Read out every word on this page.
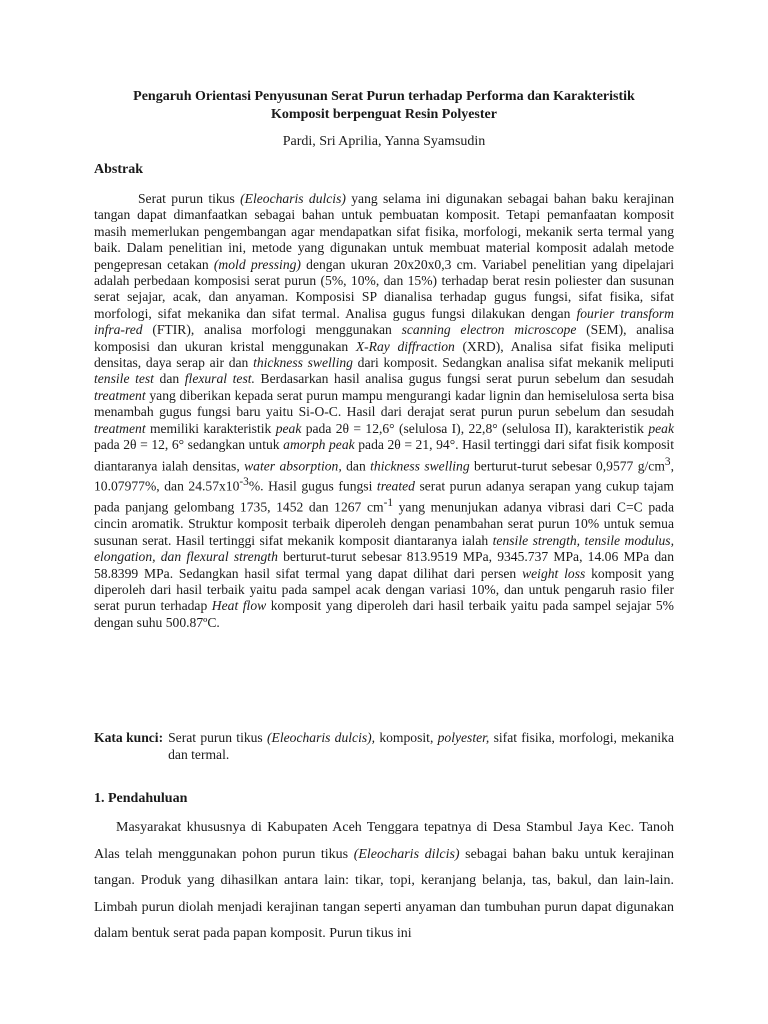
Pengaruh Orientasi Penyusunan Serat Purun terhadap Performa dan Karakteristik
Komposit berpenguat Resin Polyester

Pardi, Sri Aprilia, Yanna Syamsudin

Abstrak

Serat purun tikus (Eleocharis dulcis) yang selama ini digunakan sebagai bahan baku kerajinan tangan dapat dimanfaatkan sebagai bahan untuk pembuatan komposit. Tetapi pemanfaatan komposit masih memerlukan pengembangan agar mendapatkan sifat fisika, morfologi, mekanik serta termal yang baik. Dalam penelitian ini, metode yang digunakan untuk membuat material komposit adalah metode pengepresan cetakan (mold pressing) dengan ukuran 20x20x0,3 cm. Variabel penelitian yang dipelajari adalah perbedaan komposisi serat purun (5%, 10%, dan 15%) terhadap berat resin poliester dan susunan serat sejajar, acak, dan anyaman. Komposisi SP dianalisa terhadap gugus fungsi, sifat fisika, sifat morfologi, sifat mekanika dan sifat termal. Analisa gugus fungsi dilakukan dengan fourier transform infra-red (FTIR), analisa morfologi menggunakan scanning electron microscope (SEM), analisa komposisi dan ukuran kristal menggunakan X-Ray diffraction (XRD), Analisa sifat fisika meliputi densitas, daya serap air dan thickness swelling dari komposit. Sedangkan analisa sifat mekanik meliputi tensile test dan flexural test. Berdasarkan hasil analisa gugus fungsi serat purun sebelum dan sesudah treatment yang diberikan kepada serat purun mampu mengurangi kadar lignin dan hemiselulosa serta bisa menambah gugus fungsi baru yaitu Si-O-C. Hasil dari derajat serat purun purun sebelum dan sesudah treatment memiliki karakteristik peak pada 2θ = 12,6° (selulosa I), 22,8° (selulosa II), karakteristik peak pada 2θ = 12, 6° sedangkan untuk amorph peak pada 2θ = 21, 94°. Hasil tertinggi dari sifat fisik komposit diantaranya ialah densitas, water absorption, dan thickness swelling berturut-turut sebesar 0,9577 $g/cm^3$, 10.07977%, dan $24.57x10^{-3}\%$. Hasil gugus fungsi treated serat purun adanya serapan yang cukup tajam pada panjang gelombang 1735, 1452 dan 1267 $cm^{-1}$ yang menunjukan adanya vibrasi dari C=C pada cincin aromatik. Struktur komposit terbaik diperoleh dengan penambahan serat purun 10% untuk semua susunan serat. Hasil tertinggi sifat mekanik komposit diantaranya ialah tensile strength, tensile modulus, elongation, dan flexural strength berturut-turut sebesar 813.9519 MPa, 9345.737 MPa, 14.06 MPa dan 58.8399 MPa. Sedangkan hasil sifat termal yang dapat dilihat dari persen weight loss komposit yang diperoleh dari hasil terbaik yaitu pada sampel acak dengan variasi 10%, dan untuk pengaruh rasio filer serat purun terhadap Heat flow komposit yang diperoleh dari hasil terbaik yaitu pada sampel sejajar 5% dengan suhu 500.87ºC.

Kata kunci: Serat purun tikus (Eleocharis dulcis), komposit, polyester, sifat fisika, morfologi, mekanika dan termal.

1. Pendahuluan

Masyarakat khususnya di Kabupaten Aceh Tenggara tepatnya di Desa Stambul Jaya Kec. Tanoh Alas telah menggunakan pohon purun tikus (Eleocharis dilcis) sebagai bahan baku untuk kerajinan tangan. Produk yang dihasilkan antara lain: tikar, topi, keranjang belanja, tas, bakul, dan lain-lain. Limbah purun diolah menjadi kerajinan tangan seperti anyaman dan tumbuhan purun dapat digunakan dalam bentuk serat pada papan komposit. Purun tikus ini
